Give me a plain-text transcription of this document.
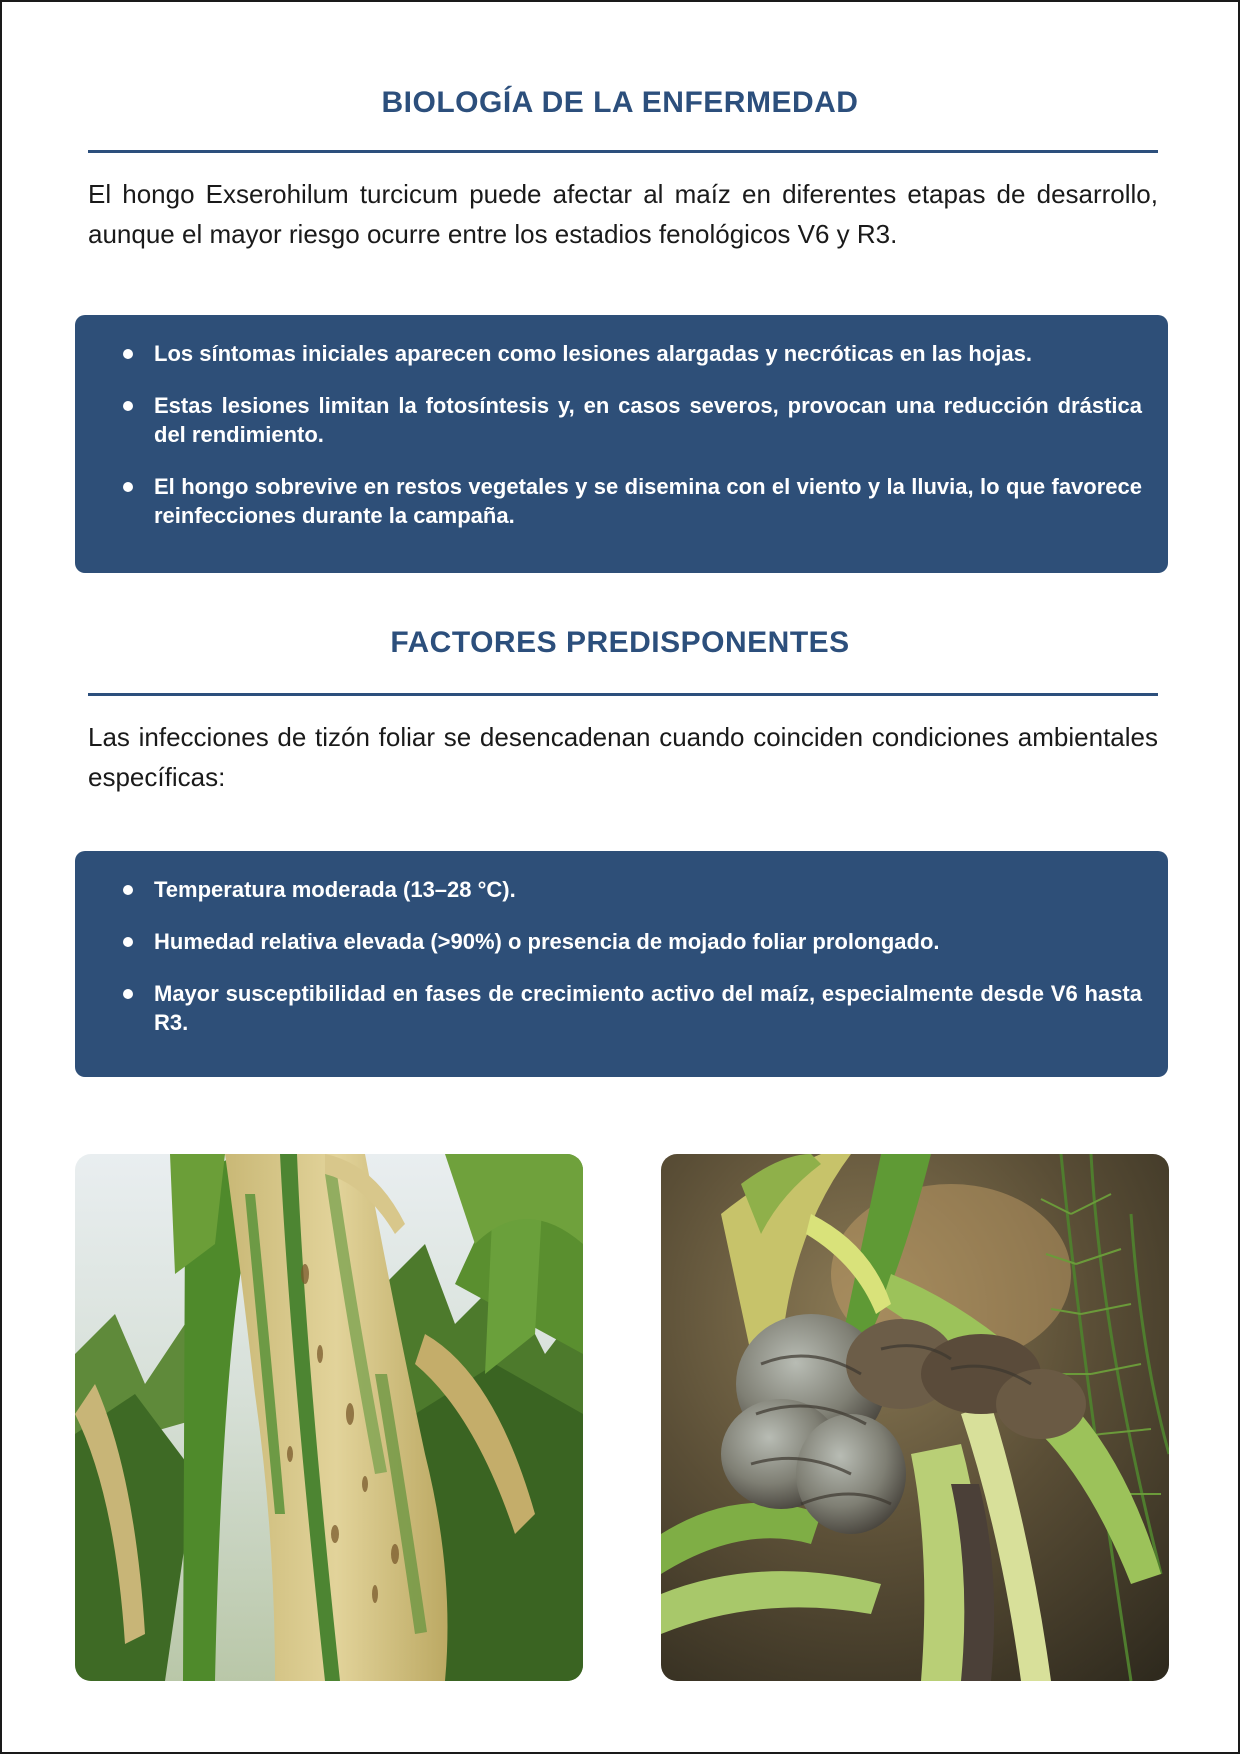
BIOLOGÍA DE LA ENFERMEDAD

El hongo Exserohilum turcicum puede afectar al maíz en diferentes etapas de desarrollo, aunque el mayor riesgo ocurre entre los estadios fenológicos V6 y R3.

Los síntomas iniciales aparecen como lesiones alargadas y necróticas en las hojas.
Estas lesiones limitan la fotosíntesis y, en casos severos, provocan una reducción drástica del rendimiento.
El hongo sobrevive en restos vegetales y se disemina con el viento y la lluvia, lo que favorece reinfecciones durante la campaña.
FACTORES PREDISPONENTES

Las infecciones de tizón foliar se desencadenan cuando coinciden condiciones ambientales específicas:

Temperatura moderada (13–28 °C).
Humedad relativa elevada (>90%) o presencia de mojado foliar prolongado.
Mayor susceptibilidad en fases de crecimiento activo del maíz, especialmente desde V6 hasta R3.
